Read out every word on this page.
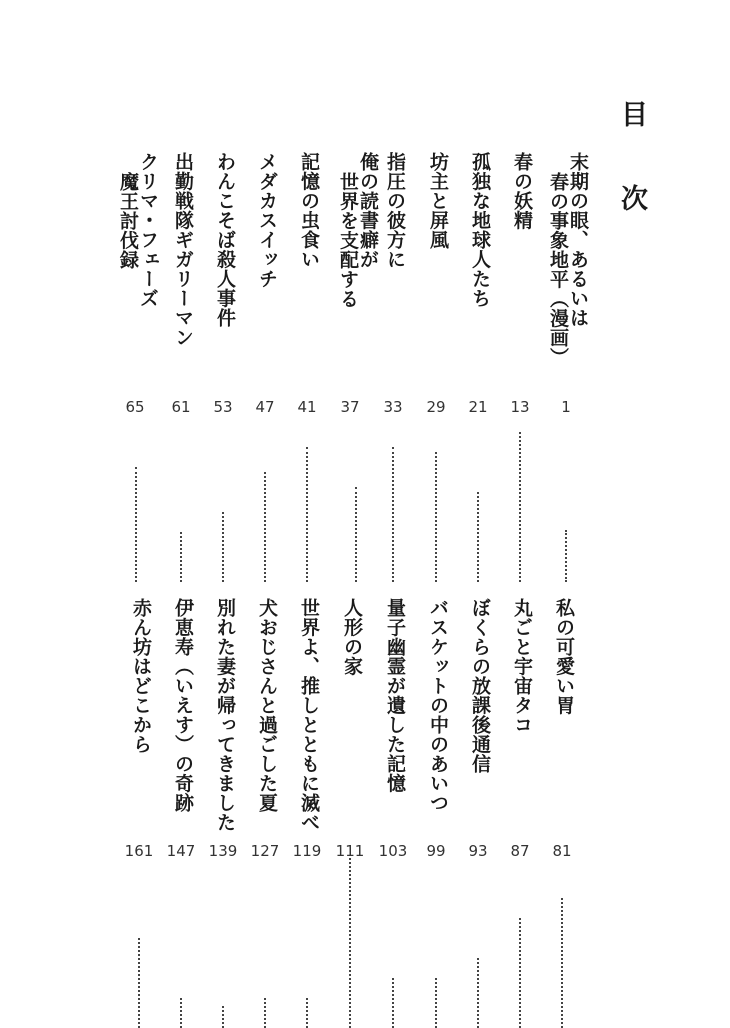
目 次
末期の眼、あるいは
春の事象地平（漫画）
1
春の妖精
13
孤独な地球人たち
21
坊主と屏風
29
指圧の彼方に
33
俺の読書癖が
世界を支配する
37
記憶の虫食い
41
メダカスイッチ
47
わんこそば殺人事件
53
出勤戦隊ギガリーマン
61
クリマ・フェーズ
魔王討伐録
65
私の可愛い胃
81
丸ごと宇宙タコ
87
ぼくらの放課後通信
93
バスケットの中のあいつ
99
量子幽霊が遺した記憶
103
人形の家
111
世界よ、推しとともに滅べ
119
犬おじさんと過ごした夏
127
別れた妻が帰ってきました
139
伊恵寿（いえす）の奇跡
147
赤ん坊はどこから
161
